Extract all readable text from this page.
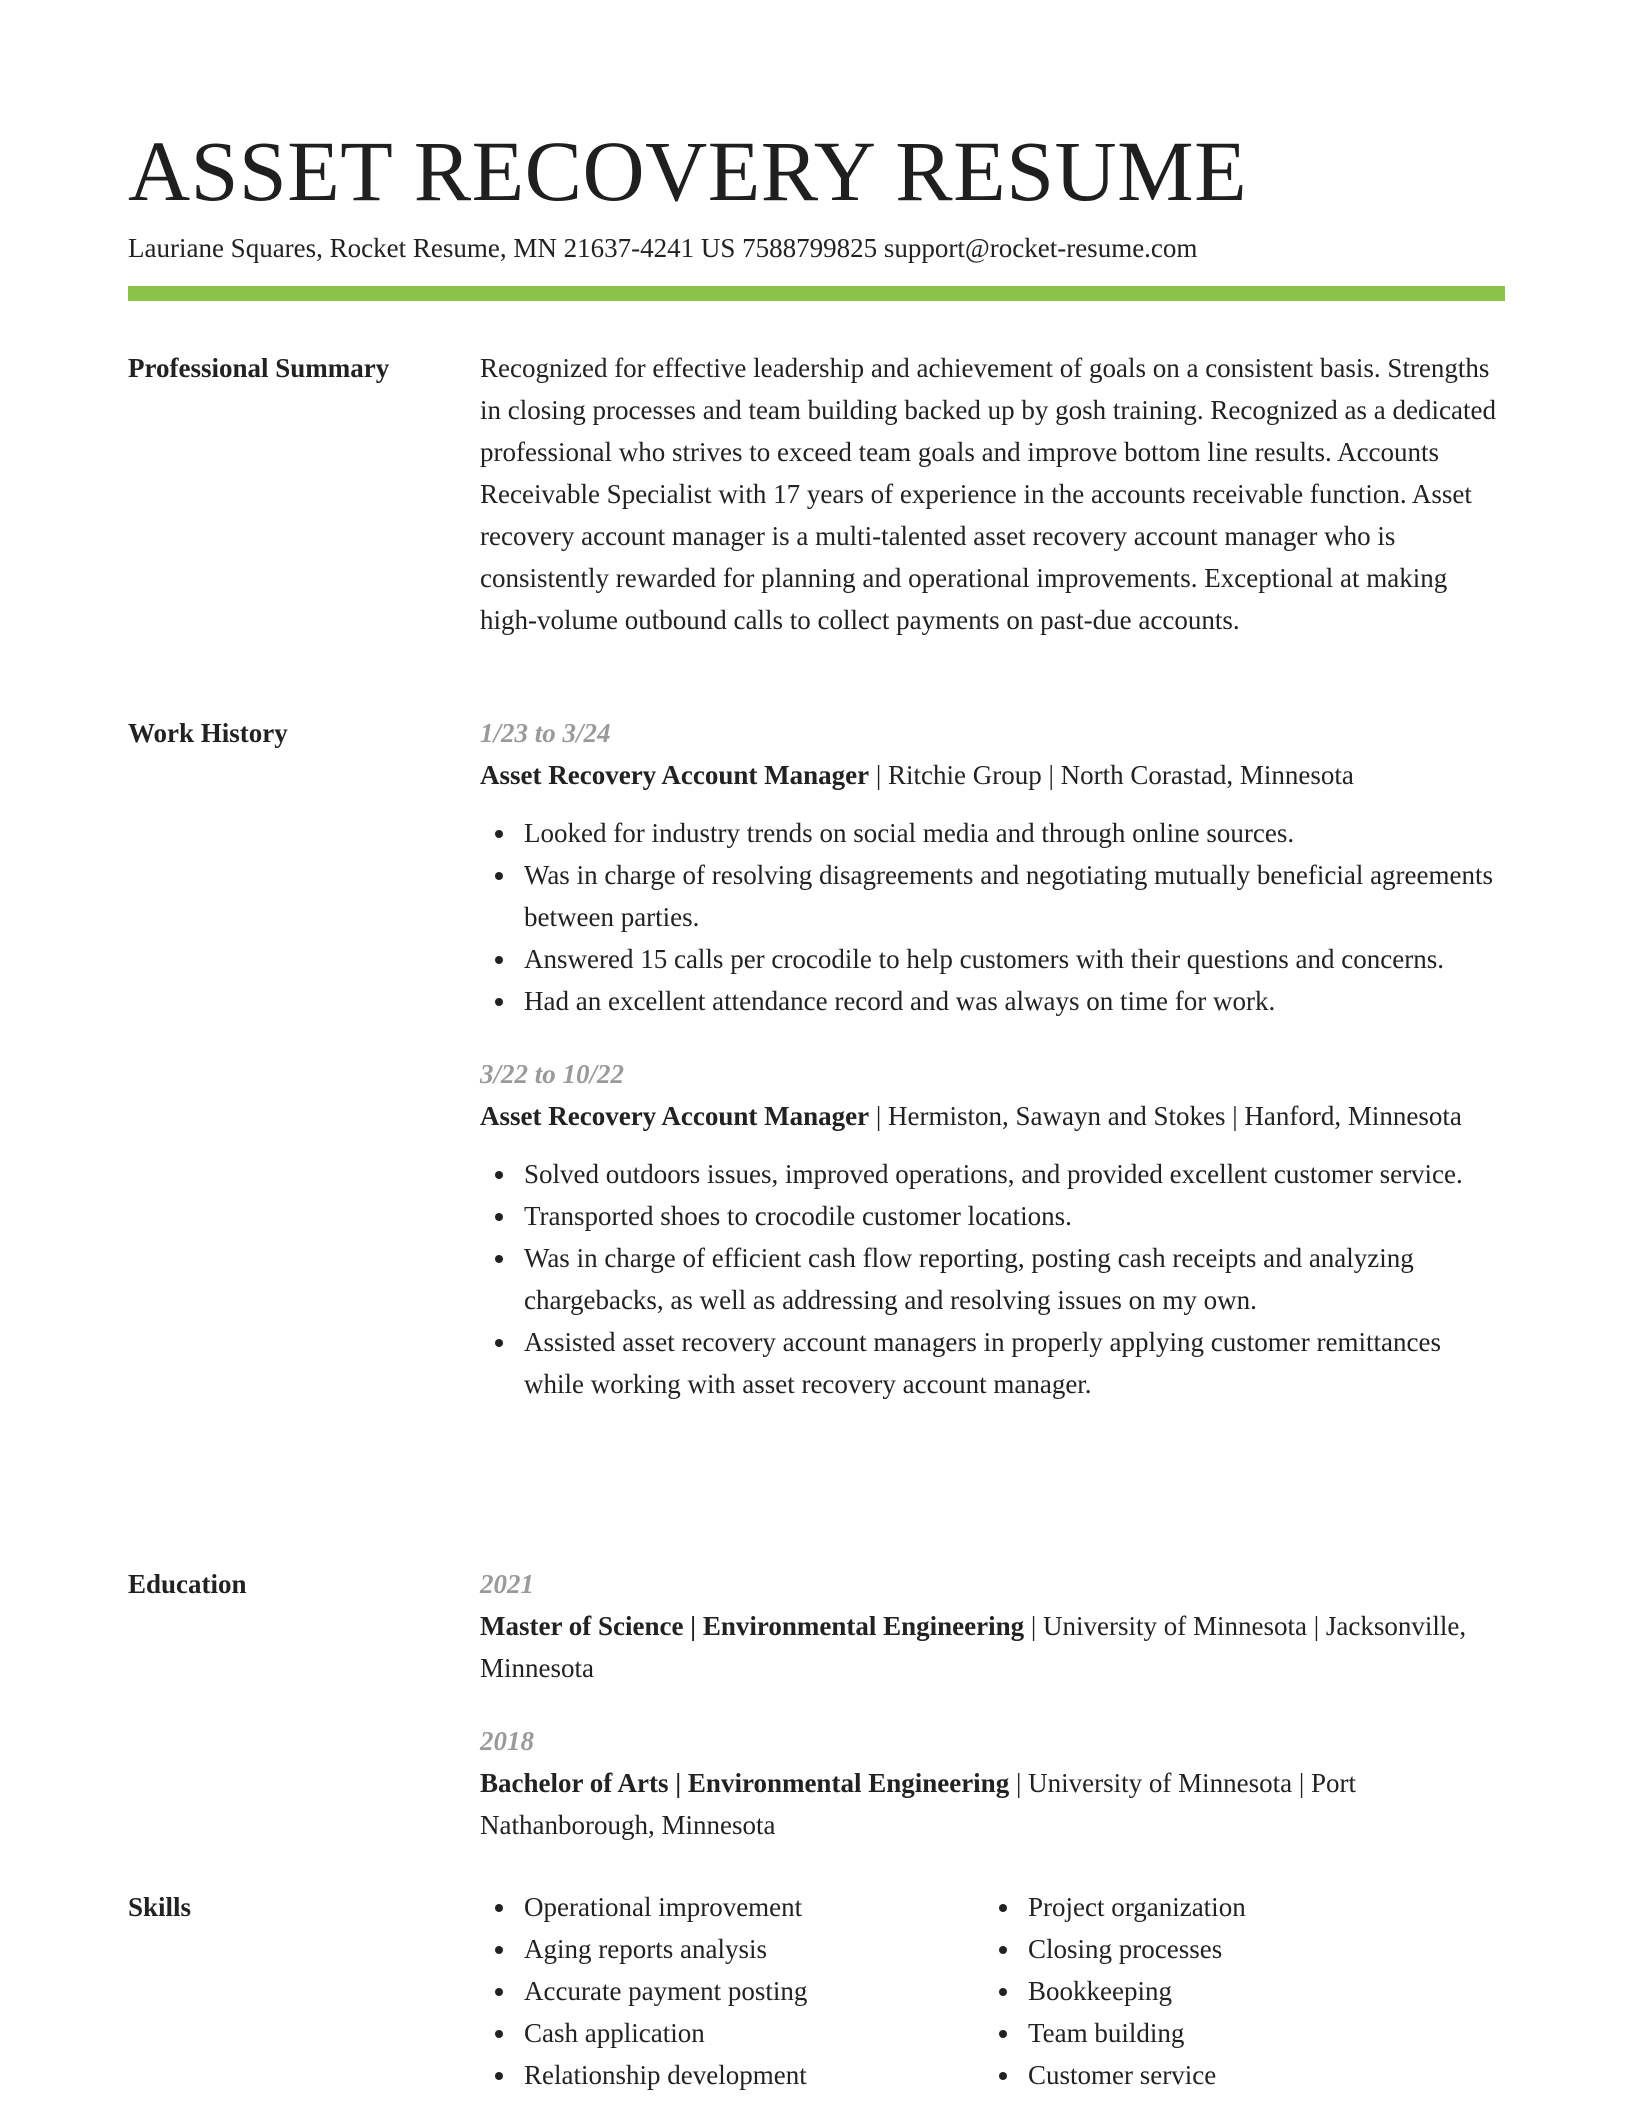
ASSET RECOVERY RESUME
Lauriane Squares, Rocket Resume, MN 21637-4241 US 7588799825 support@rocket-resume.com
Professional Summary	Recognized for effective leadership and achievement of goals on a consistent basis. Strengths in closing processes and team building backed up by gosh training. Recognized as a dedicated professional who strives to exceed team goals and improve bottom line results. Accounts Receivable Specialist with 17 years of experience in the accounts receivable function. Asset recovery account manager is a multi-talented asset recovery account manager who is consistently rewarded for planning and operational improvements. Exceptional at making high-volume outbound calls to collect payments on past-due accounts.

Work History	1/23 to 3/24
Asset Recovery Account Manager | Ritchie Group | North Corastad, Minnesota
Looked for industry trends on social media and through online sources.
Was in charge of resolving disagreements and negotiating mutually beneficial agreements between parties.
Answered 15 calls per crocodile to help customers with their questions and concerns.
Had an excellent attendance record and was always on time for work.
3/22 to 10/22
Asset Recovery Account Manager | Hermiston, Sawayn and Stokes | Hanford, Minnesota
Solved outdoors issues, improved operations, and provided excellent customer service.
Transported shoes to crocodile customer locations.
Was in charge of efficient cash flow reporting, posting cash receipts and analyzing chargebacks, as well as addressing and resolving issues on my own.
Assisted asset recovery account managers in properly applying customer remittances while working with asset recovery account manager.
Education	2021
Master of Science | Environmental Engineering | University of Minnesota | Jacksonville, Minnesota
2018
Bachelor of Arts | Environmental Engineering | University of Minnesota | Port Nathanborough, Minnesota
Skills	Operational improvement
Aging reports analysis
Accurate payment posting
Cash application
Relationship development
Project organization
Closing processes
Bookkeeping
Team building
Customer service
